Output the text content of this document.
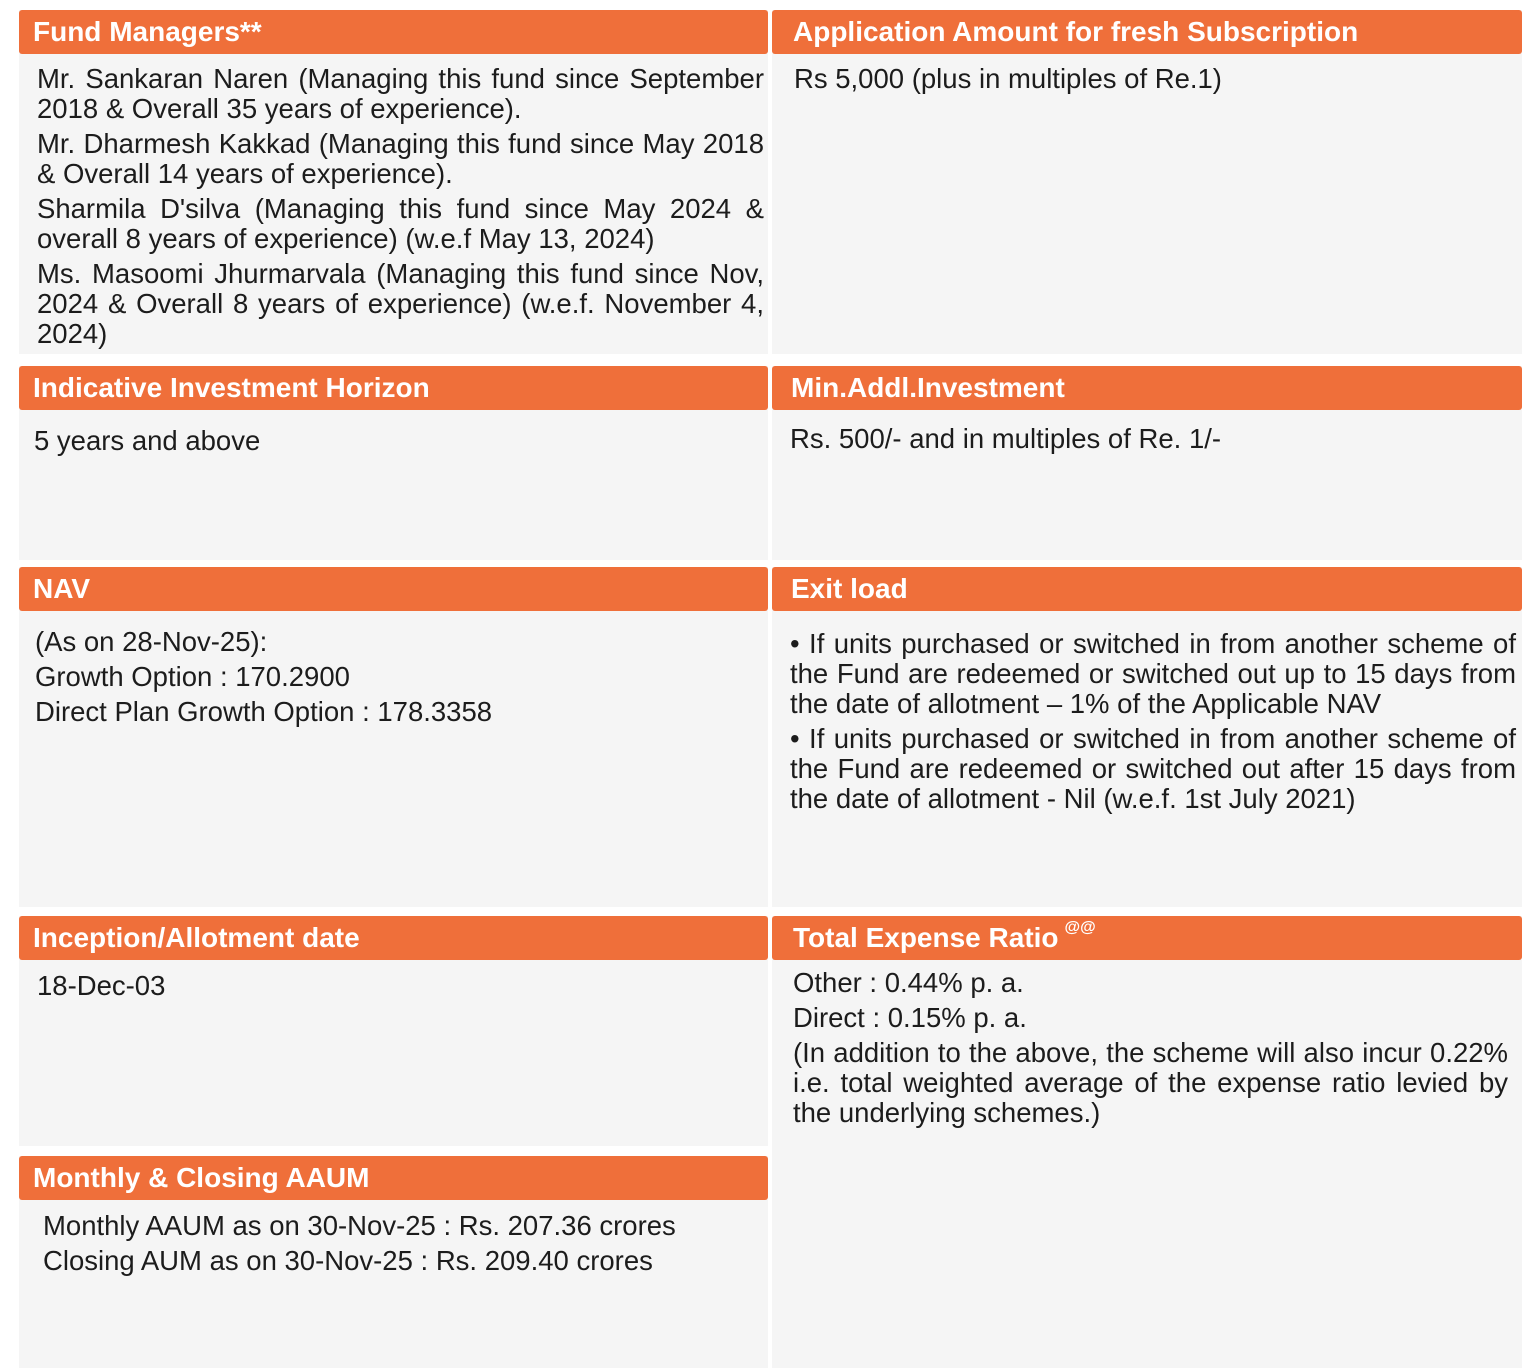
Fund Managers**
Mr. Sankaran Naren (Managing this fund since September 2018 & Overall 35 years of experience).
Mr. Dharmesh Kakkad (Managing this fund since May 2018 & Overall 14 years of experience).
Sharmila D'silva (Managing this fund since May 2024 & overall 8 years of experience) (w.e.f May 13, 2024)
Ms. Masoomi Jhurmarvala (Managing this fund since Nov, 2024 & Overall 8 years of experience) (w.e.f. November 4, 2024)
Application Amount for fresh Subscription
Rs 5,000 (plus in multiples of Re.1)
Indicative Investment Horizon
5 years and above
Min.Addl.Investment
Rs. 500/- and in multiples of Re. 1/-
NAV
(As on 28-Nov-25):
Growth Option : 170.2900
Direct Plan Growth Option : 178.3358
Exit load
• If units purchased or switched in from another scheme of the Fund are redeemed or switched out up to 15 days from the date of allotment – 1% of the Applicable NAV
• If units purchased or switched in from another scheme of the Fund are redeemed or switched out after 15 days from the date of allotment - Nil (w.e.f. 1st July 2021)
Inception/Allotment date
18-Dec-03
Total Expense Ratio @@
Other : 0.44% p. a.
Direct : 0.15% p. a.
(In addition to the above, the scheme will also incur 0.22% i.e. total weighted average of the expense ratio levied by the underlying schemes.)
Monthly & Closing AAUM
Monthly AAUM as on 30-Nov-25 : Rs. 207.36 crores
Closing AUM as on 30-Nov-25 : Rs. 209.40 crores
